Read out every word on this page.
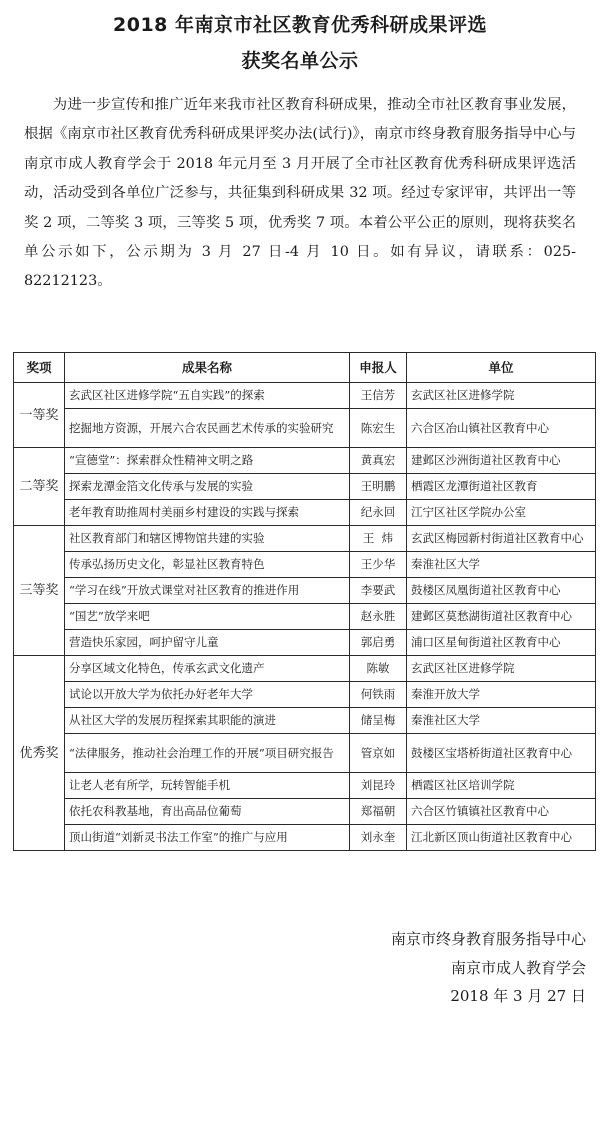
2018 年南京市社区教育优秀科研成果评选
获奖名单公示

为进一步宣传和推广近年来我市社区教育科研成果，推动全市社区教育事业发展，根据《南京市社区教育优秀科研成果评奖办法(试行)》，南京市终身教育服务指导中心与南京市成人教育学会于 2018 年元月至 3 月开展了全市社区教育优秀科研成果评选活动，活动受到各单位广泛参与，共征集到科研成果 32 项。经过专家评审，共评出一等奖 2 项，二等奖 3 项，三等奖 5 项，优秀奖 7 项。本着公平公正的原则，现将获奖名单公示如下，公示期为 3 月 27 日-4 月 10 日。如有异议，请联系：025-82212123。

奖项	成果名称	申报人	单位
一等奖	玄武区社区进修学院“五自实践”的探索	王信芳	玄武区社区进修学院
	挖掘地方资源，开展六合农民画艺术传承的实验研究	陈宏生	六合区冶山镇社区教育中心
二等奖	“宣德堂”：探索群众性精神文明之路	黄真宏	建邺区沙洲街道社区教育中心
	探索龙潭金箔文化传承与发展的实验	王明鹏	栖霞区龙潭街道社区教育
	老年教育助推周村美丽乡村建设的实践与探索	纪永回	江宁区社区学院办公室
三等奖	社区教育部门和辖区博物馆共建的实验	王  炜	玄武区梅园新村街道社区教育中心
	传承弘扬历史文化，彰显社区教育特色	王少华	秦淮社区大学
	“学习在线”开放式课堂对社区教育的推进作用	李要武	鼓楼区凤凰街道社区教育中心
	“国艺”放学来吧	赵永胜	建邺区莫愁湖街道社区教育中心
	营造快乐家园，呵护留守儿童	郭启勇	浦口区星甸街道社区教育中心
优秀奖	分享区域文化特色，传承玄武文化遗产	陈敏	玄武区社区进修学院
	试论以开放大学为依托办好老年大学	何铁雨	秦淮开放大学
	从社区大学的发展历程探索其职能的演进	储呈梅	秦淮社区大学
	“法律服务，推动社会治理工作的开展”项目研究报告	管京如	鼓楼区宝塔桥街道社区教育中心
	让老人老有所学，玩转智能手机	刘昆玲	栖霞区社区培训学院
	依托农科教基地，育出高品位葡萄	郑福朝	六合区竹镇镇社区教育中心
	顶山街道“刘新灵书法工作室”的推广与应用	刘永奎	江北新区顶山街道社区教育中心
南京市终身教育服务指导中心
南京市成人教育学会
2018 年 3 月 27 日
